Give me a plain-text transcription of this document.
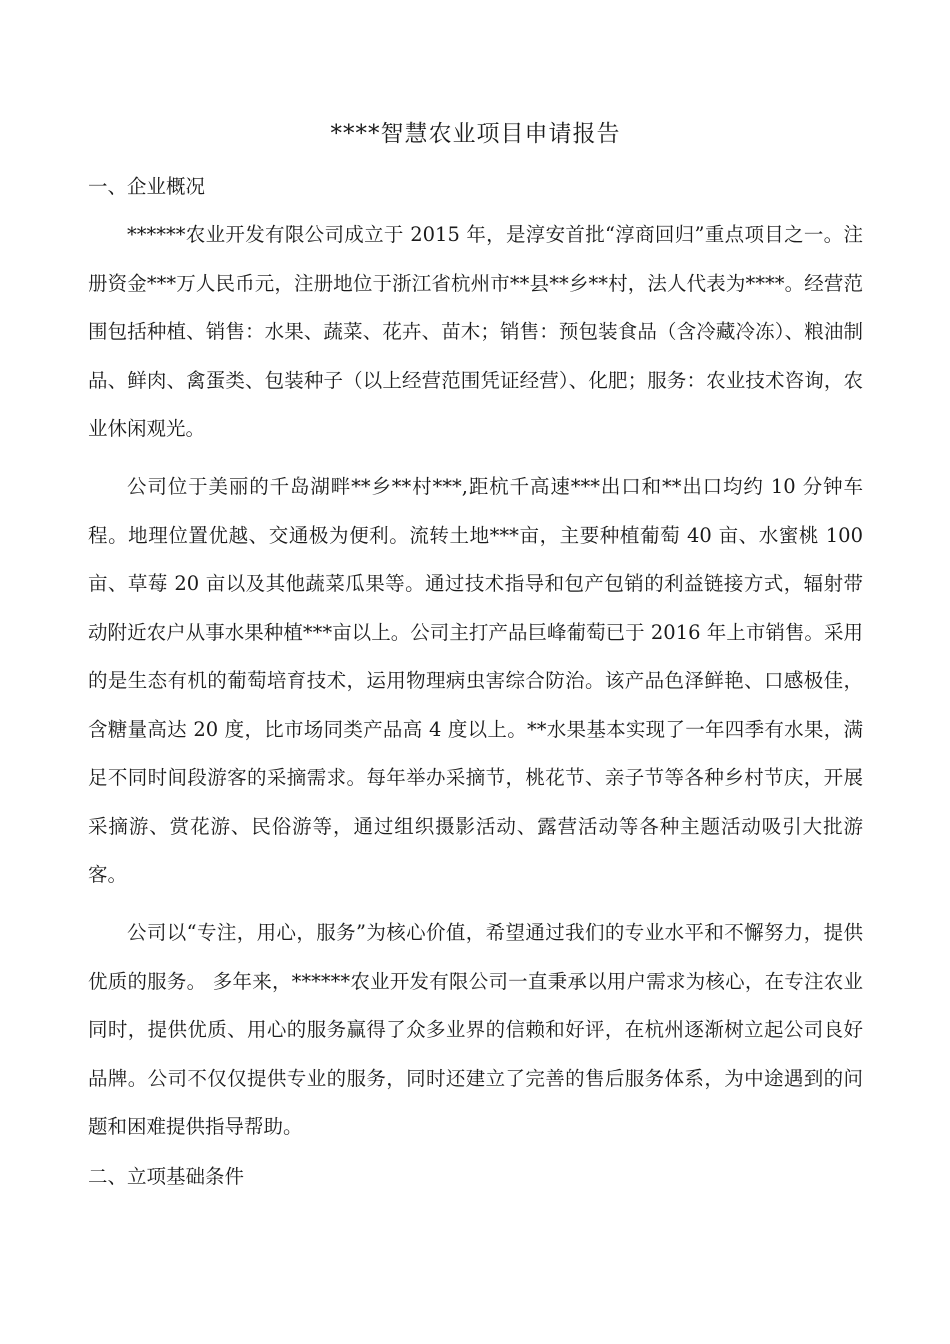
****智慧农业项目申请报告
一、企业概况

******农业开发有限公司成立于 2015 年，是淳安首批“淳商回归”重点项目之一。注册资金***万人民币元，注册地位于浙江省杭州市**县**乡**村，法人代表为****。经营范围包括种植、销售：水果、蔬菜、花卉、苗木；销售：预包装食品（含冷藏冷冻）、粮油制品、鲜肉、禽蛋类、包装种子（以上经营范围凭证经营）、化肥；服务：农业技术咨询，农业休闲观光。

公司位于美丽的千岛湖畔**乡**村***,距杭千高速***出口和**出口均约 10 分钟车程。地理位置优越、交通极为便利。流转土地***亩，主要种植葡萄 40 亩、水蜜桃 100 亩、草莓 20 亩以及其他蔬菜瓜果等。通过技术指导和包产包销的利益链接方式，辐射带动附近农户从事水果种植***亩以上。公司主打产品巨峰葡萄已于 2016 年上市销售。采用的是生态有机的葡萄培育技术，运用物理病虫害综合防治。该产品色泽鲜艳、口感极佳，含糖量高达 20 度，比市场同类产品高 4 度以上。**水果基本实现了一年四季有水果，满足不同时间段游客的采摘需求。每年举办采摘节，桃花节、亲子节等各种乡村节庆，开展采摘游、赏花游、民俗游等，通过组织摄影活动、露营活动等各种主题活动吸引大批游客。

公司以“专注，用心，服务”为核心价值，希望通过我们的专业水平和不懈努力，提供优质的服务。 多年来，******农业开发有限公司一直秉承以用户需求为核心，在专注农业同时，提供优质、用心的服务赢得了众多业界的信赖和好评，在杭州逐渐树立起公司良好品牌。公司不仅仅提供专业的服务，同时还建立了完善的售后服务体系，为中途遇到的问题和困难提供指导帮助。

二、立项基础条件
